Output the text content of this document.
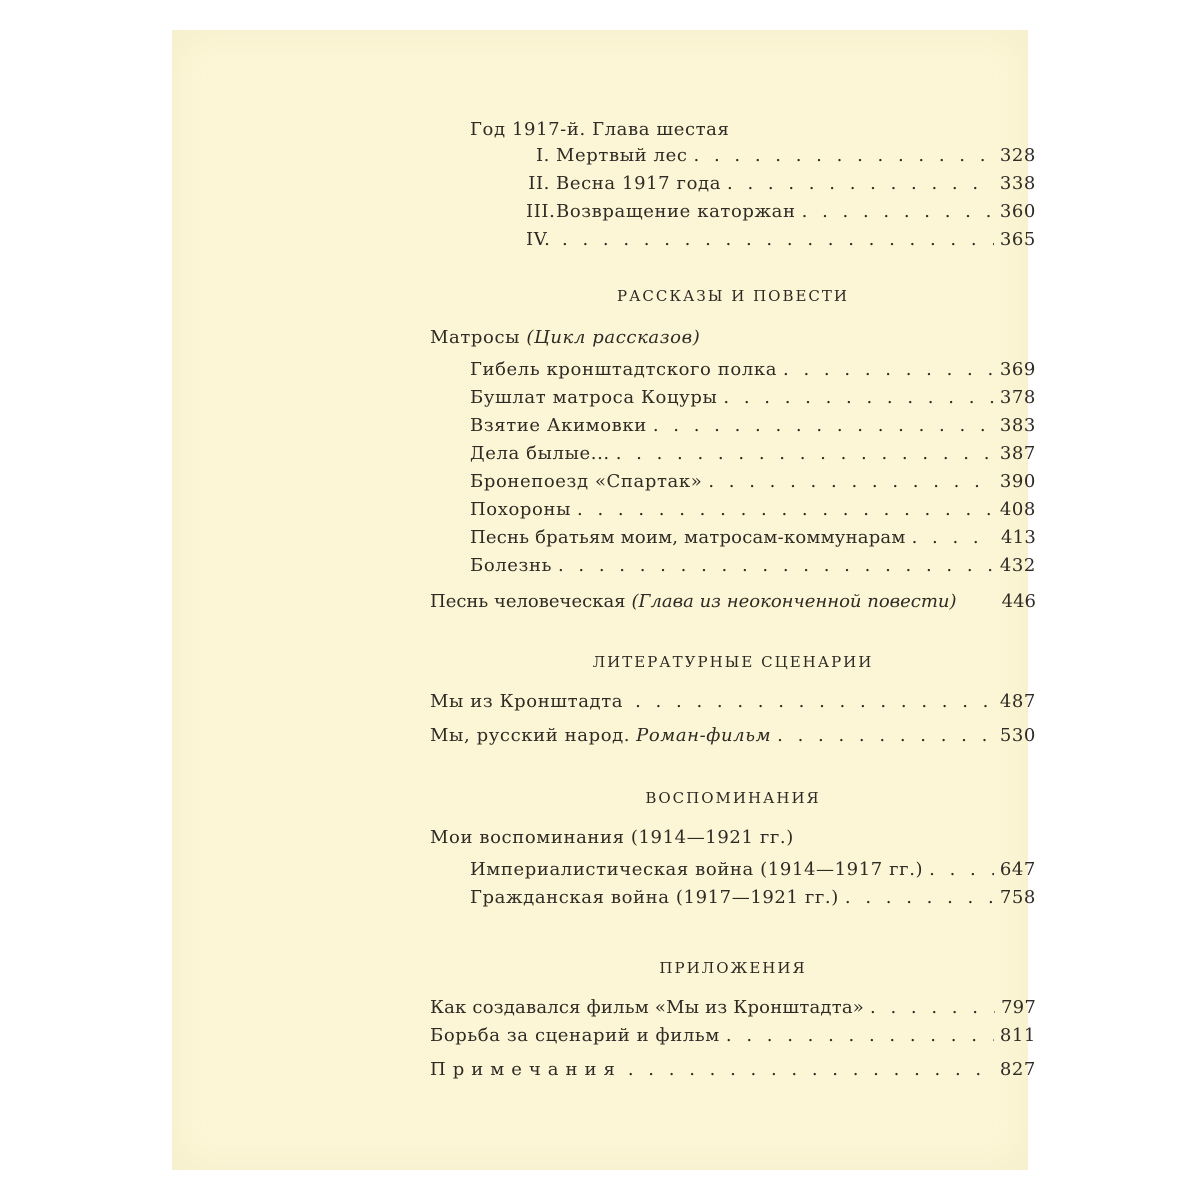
Год 1917-й. Глава шестая
I. Мертвый лес . . .	328
II. Весна 1917 года . . .	338
III. Возвращение каторжан . . .	360
IV. . . .	365
РАССКАЗЫ И ПОВЕСТИ
Матросы (Цикл рассказов)
Гибель кронштадтского полка . . .	369
Бушлат матроса Коцуры . . .	378
Взятие Акимовки . . .	383
Дела былые... . . .	387
Бронепоезд «Спартак» . . .	390
Похороны . . .	408
Песнь братьям моим, матросам-коммунарам . . .	413
Болезнь . . .	432
Песнь человеческая (Глава из неоконченной повести)	446
ЛИТЕРАТУРНЫЕ СЦЕНАРИИ
Мы из Кронштадта . . .	487
Мы, русский народ. Роман-фильм . . .	530
ВОСПОМИНАНИЯ
Мои воспоминания (1914—1921 гг.)
Империалистическая война (1914—1917 гг.) . . .	647
Гражданская война (1917—1921 гг.) . . .	758
ПРИЛОЖЕНИЯ
Как создавался фильм «Мы из Кронштадта» . . .	797
Борьба за сценарий и фильм . . .	811
Примечания . . .	827
